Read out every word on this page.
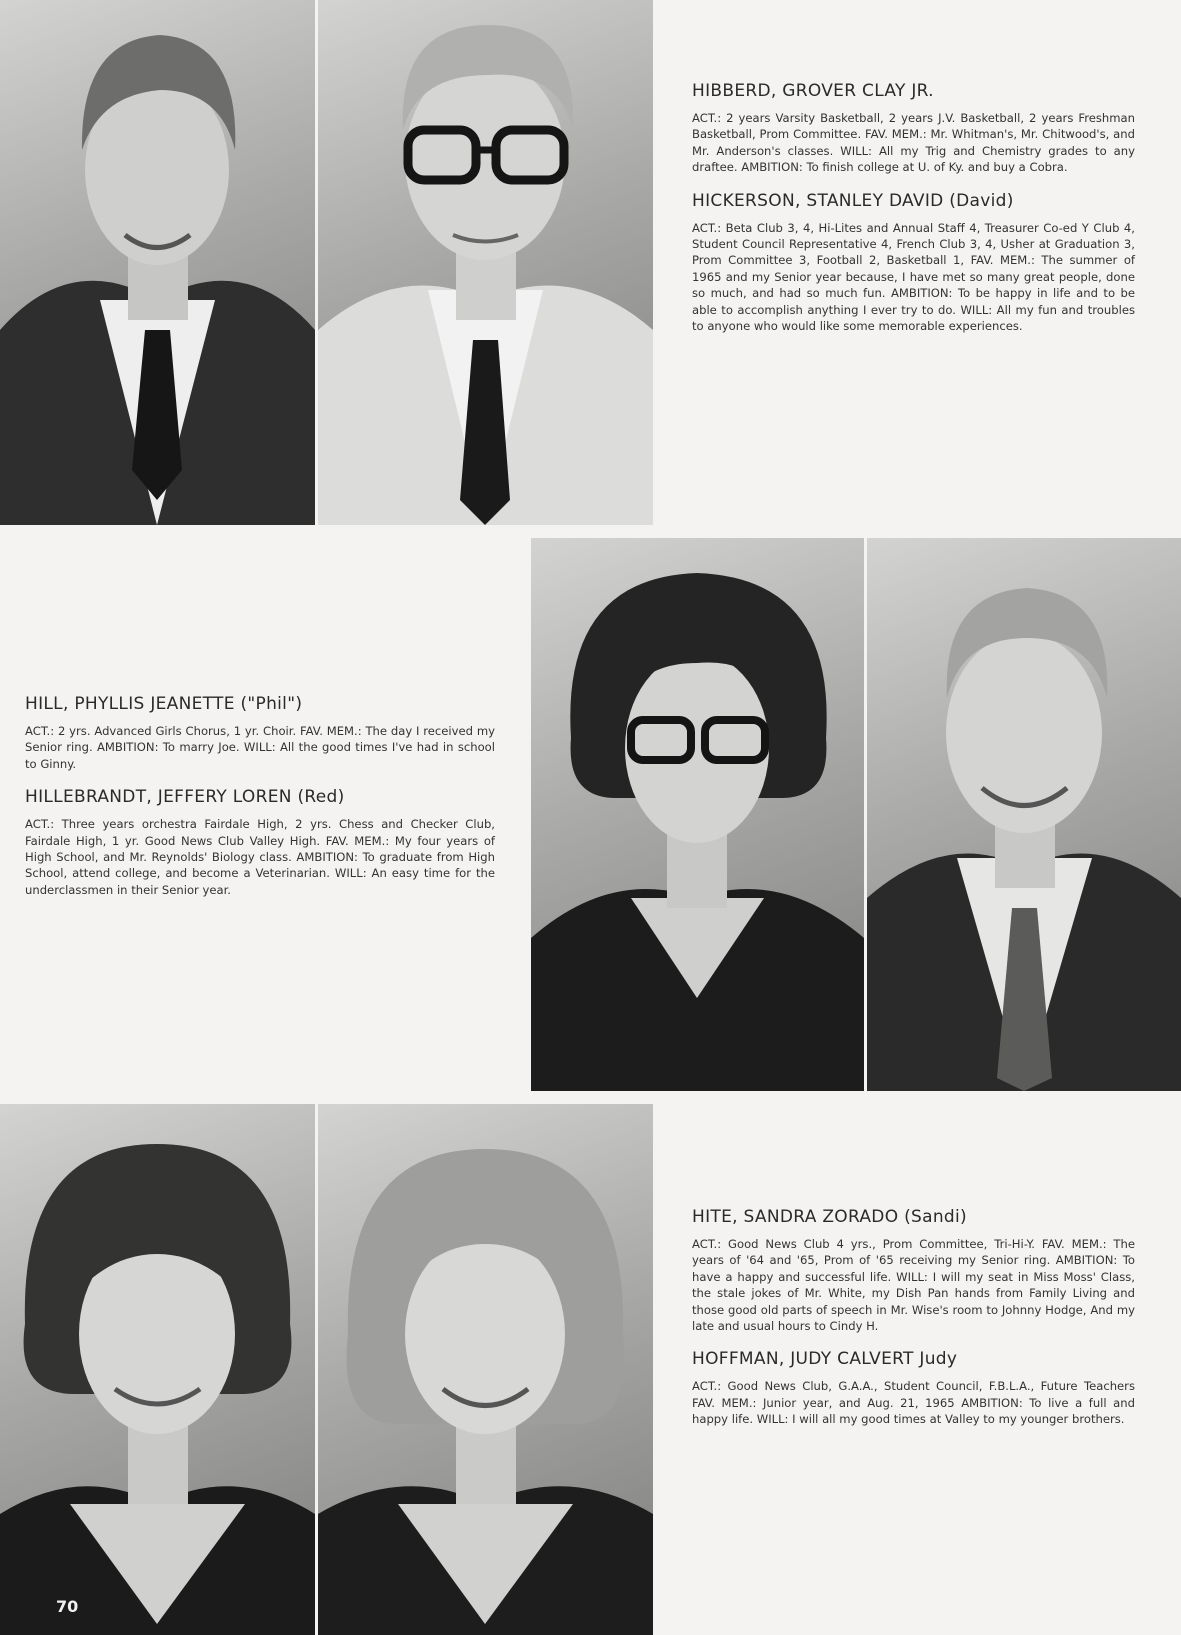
HIBBERD, GROVER CLAY JR.

ACT.: 2 years Varsity Basketball, 2 years J.V. Basketball, 2 years Freshman Basketball, Prom Committee. FAV. MEM.: Mr. Whitman's, Mr. Chitwood's, and Mr. Anderson's classes. WILL: All my Trig and Chemistry grades to any draftee. AMBITION: To finish college at U. of Ky. and buy a Cobra.

HICKERSON, STANLEY DAVID (David)

ACT.: Beta Club 3, 4, Hi-Lites and Annual Staff 4, Treasurer Co-ed Y Club 4, Student Council Representative 4, French Club 3, 4, Usher at Graduation 3, Prom Committee 3, Football 2, Basketball 1, FAV. MEM.: The summer of 1965 and my Senior year because, I have met so many great people, done so much, and had so much fun. AMBITION: To be happy in life and to be able to accomplish anything I ever try to do. WILL: All my fun and troubles to anyone who would like some memorable experiences.

HILL, PHYLLIS JEANETTE ("Phil")

ACT.: 2 yrs. Advanced Girls Chorus, 1 yr. Choir. FAV. MEM.: The day I received my Senior ring. AMBITION: To marry Joe. WILL: All the good times I've had in school to Ginny.

HILLEBRANDT, JEFFERY LOREN (Red)

ACT.: Three years orchestra Fairdale High, 2 yrs. Chess and Checker Club, Fairdale High, 1 yr. Good News Club Valley High. FAV. MEM.: My four years of High School, and Mr. Reynolds' Biology class. AMBITION: To graduate from High School, attend college, and become a Veterinarian. WILL: An easy time for the underclassmen in their Senior year.

HITE, SANDRA ZORADO (Sandi)

ACT.: Good News Club 4 yrs., Prom Committee, Tri-Hi-Y. FAV. MEM.: The years of '64 and '65, Prom of '65 receiving my Senior ring. AMBITION: To have a happy and successful life. WILL: I will my seat in Miss Moss' Class, the stale jokes of Mr. White, my Dish Pan hands from Family Living and those good old parts of speech in Mr. Wise's room to Johnny Hodge, And my late and usual hours to Cindy H.

HOFFMAN, JUDY CALVERT Judy

ACT.: Good News Club, G.A.A., Student Council, F.B.L.A., Future Teachers FAV. MEM.: Junior year, and Aug. 21, 1965 AMBITION: To live a full and happy life. WILL: I will all my good times at Valley to my younger brothers.

70
